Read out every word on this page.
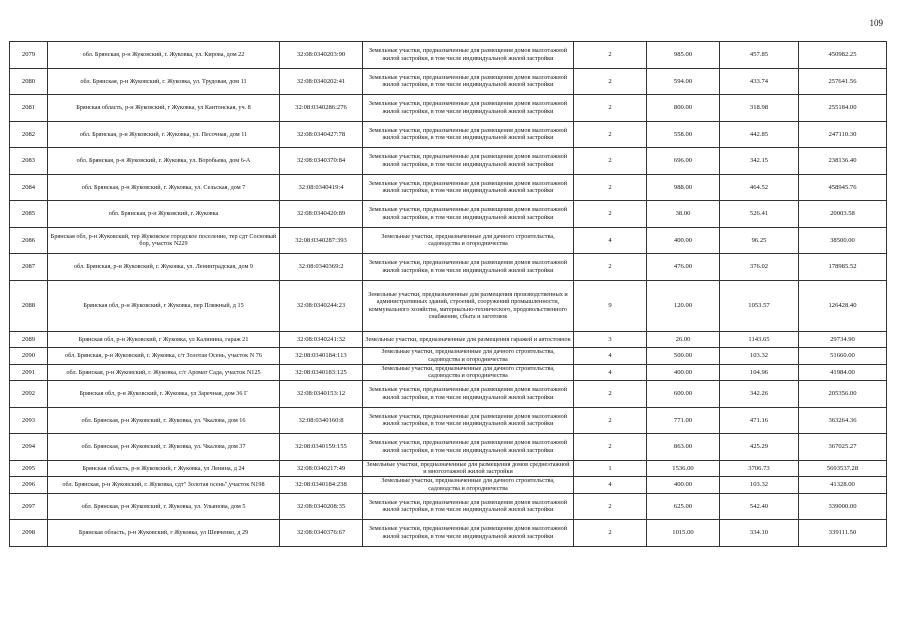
109
2079	обл. Брянская, р-н Жуковский, г. Жуковка, ул. Кирова, дом 22	32:08:0340203:90	Земельные участки, предназначенные для размещения домов малоэтажной жилой застройки, в том числе индивидуальной жилой застройки	2	985.00	457.85	450982.25
2080	обл. Брянская, р-н Жуковский, г. Жуковка, ул. Трудовая, дом 11	32:08:0340202:41	Земельные участки, предназначенные для размещения домов малоэтажной жилой застройки, в том числе индивидуальной жилой застройки	2	594.00	433.74	257641.56
2081	Брянская область, р-н Жуковский, г Жуковка, ул Кантонская, уч. 8	32:08:0340286:276	Земельные участки, предназначенные для размещения домов малоэтажной жилой застройки, в том числе индивидуальной жилой застройки	2	800.00	318.98	255184.00
2082	обл. Брянская, р-н Жуковский, г. Жуковка, ул. Песочная, дом 11	32:08:0340427:78	Земельные участки, предназначенные для размещения домов малоэтажной жилой застройки, в том числе индивидуальной жилой застройки	2	558.00	442.85	247110.30
2083	обл. Брянская, р-н Жуковский, г. Жуковка, ул. Воробьева, дом 6-А	32:08:0340370:84	Земельные участки, предназначенные для размещения домов малоэтажной жилой застройки, в том числе индивидуальной жилой застройки	2	696.00	342.15	238136.40
2084	обл. Брянская, р-н Жуковский, г. Жуковка, ул. Сельская, дом 7	32:08:0340419:4	Земельные участки, предназначенные для размещения домов малоэтажной жилой застройки, в том числе индивидуальной жилой застройки	2	988.00	464.52	458945.76
2085	обл. Брянская, р-н Жуковский, г. Жуковка	32:08:0340420:89	Земельные участки, предназначенные для размещения домов малоэтажной жилой застройки, в том числе индивидуальной жилой застройки	2	38.00	526.41	20003.58
2086	Брянская обл, р-н Жуковский, тер Жуковское городское поселение, тер сдт Сосновый бор, участок N229	32:08:0340287:393	Земельные участки, предназначенные для дачного строительства, садоводства и огородничества	4	400.00	96.25	38500.00
2087	обл. Брянская, р-н Жуковский, г. Жуковка, ул. Ленинградская, дом 9	32:08:0340369:2	Земельные участки, предназначенные для размещения домов малоэтажной жилой застройки, в том числе индивидуальной жилой застройки	2	476.00	376.02	178985.52
2088	Брянская обл, р-н Жуковский, г Жуковка, пер Пляжный, д 15	32:08:0340244:23	Земельные участки, предназначенные для размещения производственных и административных зданий, строений, сооружений промышленности, коммунального хозяйства, материально-технического, продовольственного снабжения, сбыта и заготовок	9	120.00	1053.57	126428.40
2089	Брянская обл, р-н Жуковский, г Жуковка, ул Калинина, гараж 21	32:08:0340241:32	Земельные участки, предназначенные для размещения гаражей и автостоянок	3	26.00	1143.65	29734.90
2090	обл. Брянская, р-н Жуковский, г. Жуковка, с/т Золотая Осень, участок N 76	32:08:0340184:113	Земельные участки, предназначенные для дачного строительства, садоводства и огородничества	4	500.00	103.32	51660.00
2091	обл. Брянская, р-н Жуковский, г. Жуковка, с/т Аромат Сада, участок N125	32:08:0340183:125	Земельные участки, предназначенные для дачного строительства, садоводства и огородничества	4	400.00	104.96	41984.00
2092	Брянская обл, р-н Жуковский, г. Жуковка, ул Заречная, дом 36 Г	32:08:0340153:12	Земельные участки, предназначенные для размещения домов малоэтажной жилой застройки, в том числе индивидуальной жилой застройки	2	600.00	342.26	205356.00
2093	обл. Брянская, р-н Жуковский, г. Жуковка, ул. Чкалова, дом 16	32:08:0340160:8	Земельные участки, предназначенные для размещения домов малоэтажной жилой застройки, в том числе индивидуальной жилой застройки	2	771.00	471.16	363264.36
2094	обл. Брянская, р-н Жуковский, г. Жуковка, ул. Чкалова, дом 37	32:08:0340159:155	Земельные участки, предназначенные для размещения домов малоэтажной жилой застройки, в том числе индивидуальной жилой застройки	2	863.00	425.29	367025.27
2095	Брянская область, р-н Жуковский, г Жуковка, ул Ленина, д 24	32:08:0340217:49	Земельные участки, предназначенные для размещения домов среднеэтажной и многоэтажной жилой застройки	1	1536.00	3706.73	5693537.28
2096	обл. Брянская, р-н Жуковский, г. Жуковка, сдт" Золотая осень",участок N198	32:08:0340184:238	Земельные участки, предназначенные для дачного строительства, садоводства и огородничества	4	400.00	103.32	41328.00
2097	обл. Брянская, р-н Жуковский, г. Жуковка, ул. Ульянова, дом 5	32:08:0340208:35	Земельные участки, предназначенные для размещения домов малоэтажной жилой застройки, в том числе индивидуальной жилой застройки	2	625.00	542.40	339000.00
2098	Брянская область, р-н Жуковский, г Жуковка, ул Шевченко, д 29	32:08:0340376:67	Земельные участки, предназначенные для размещения домов малоэтажной жилой застройки, в том числе индивидуальной жилой застройки	2	1015.00	334.10	339111.50
